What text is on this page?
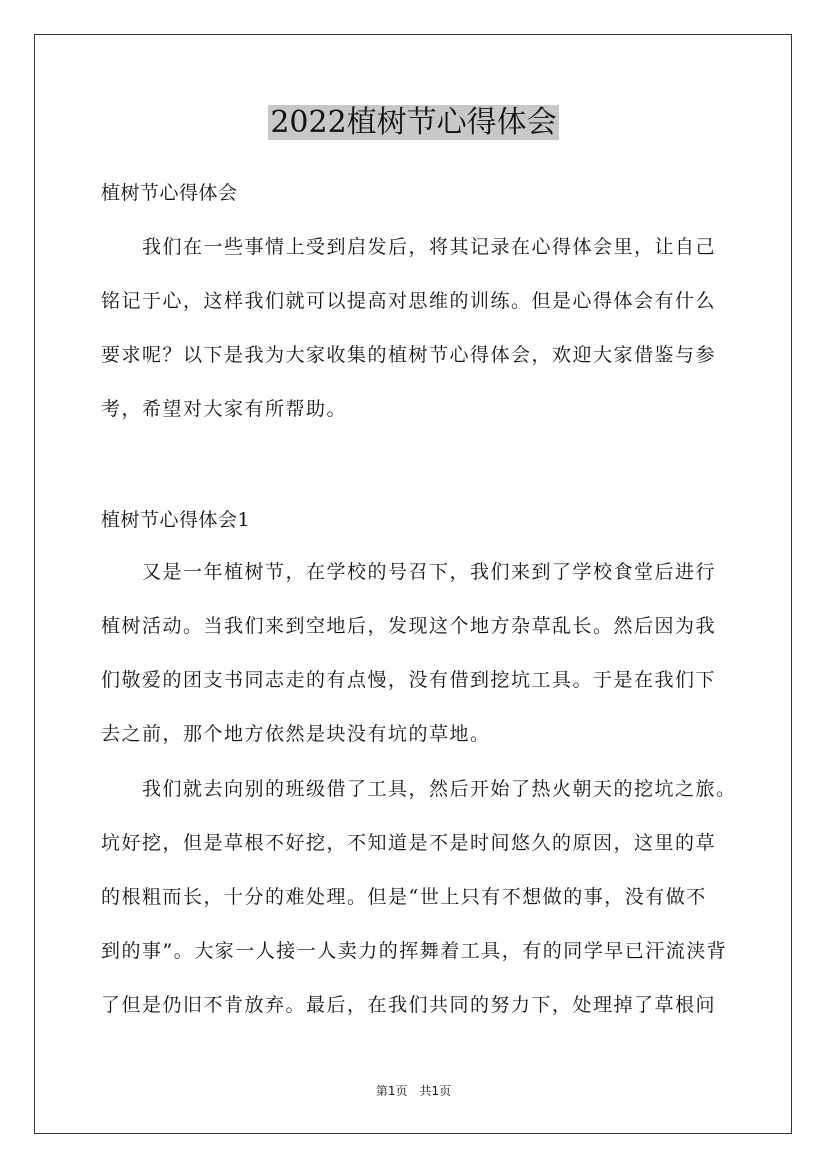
2022植树节心得体会

植树节心得体会

　　我们在一些事情上受到启发后，将其记录在心得体会里，让自己

铭记于心，这样我们就可以提高对思维的训练。但是心得体会有什么

要求呢？以下是我为大家收集的植树节心得体会，欢迎大家借鉴与参

考，希望对大家有所帮助。

植树节心得体会1

　　又是一年植树节，在学校的号召下，我们来到了学校食堂后进行

植树活动。当我们来到空地后，发现这个地方杂草乱长。然后因为我

们敬爱的团支书同志走的有点慢，没有借到挖坑工具。于是在我们下

去之前，那个地方依然是块没有坑的草地。

　　我们就去向别的班级借了工具，然后开始了热火朝天的挖坑之旅。

坑好挖，但是草根不好挖，不知道是不是时间悠久的原因，这里的草

的根粗而长，十分的难处理。但是“世上只有不想做的事，没有做不

到的事”。大家一人接一人卖力的挥舞着工具，有的同学早已汗流浃背

了但是仍旧不肯放弃。最后，在我们共同的努力下，处理掉了草根问

第1页　共1页
